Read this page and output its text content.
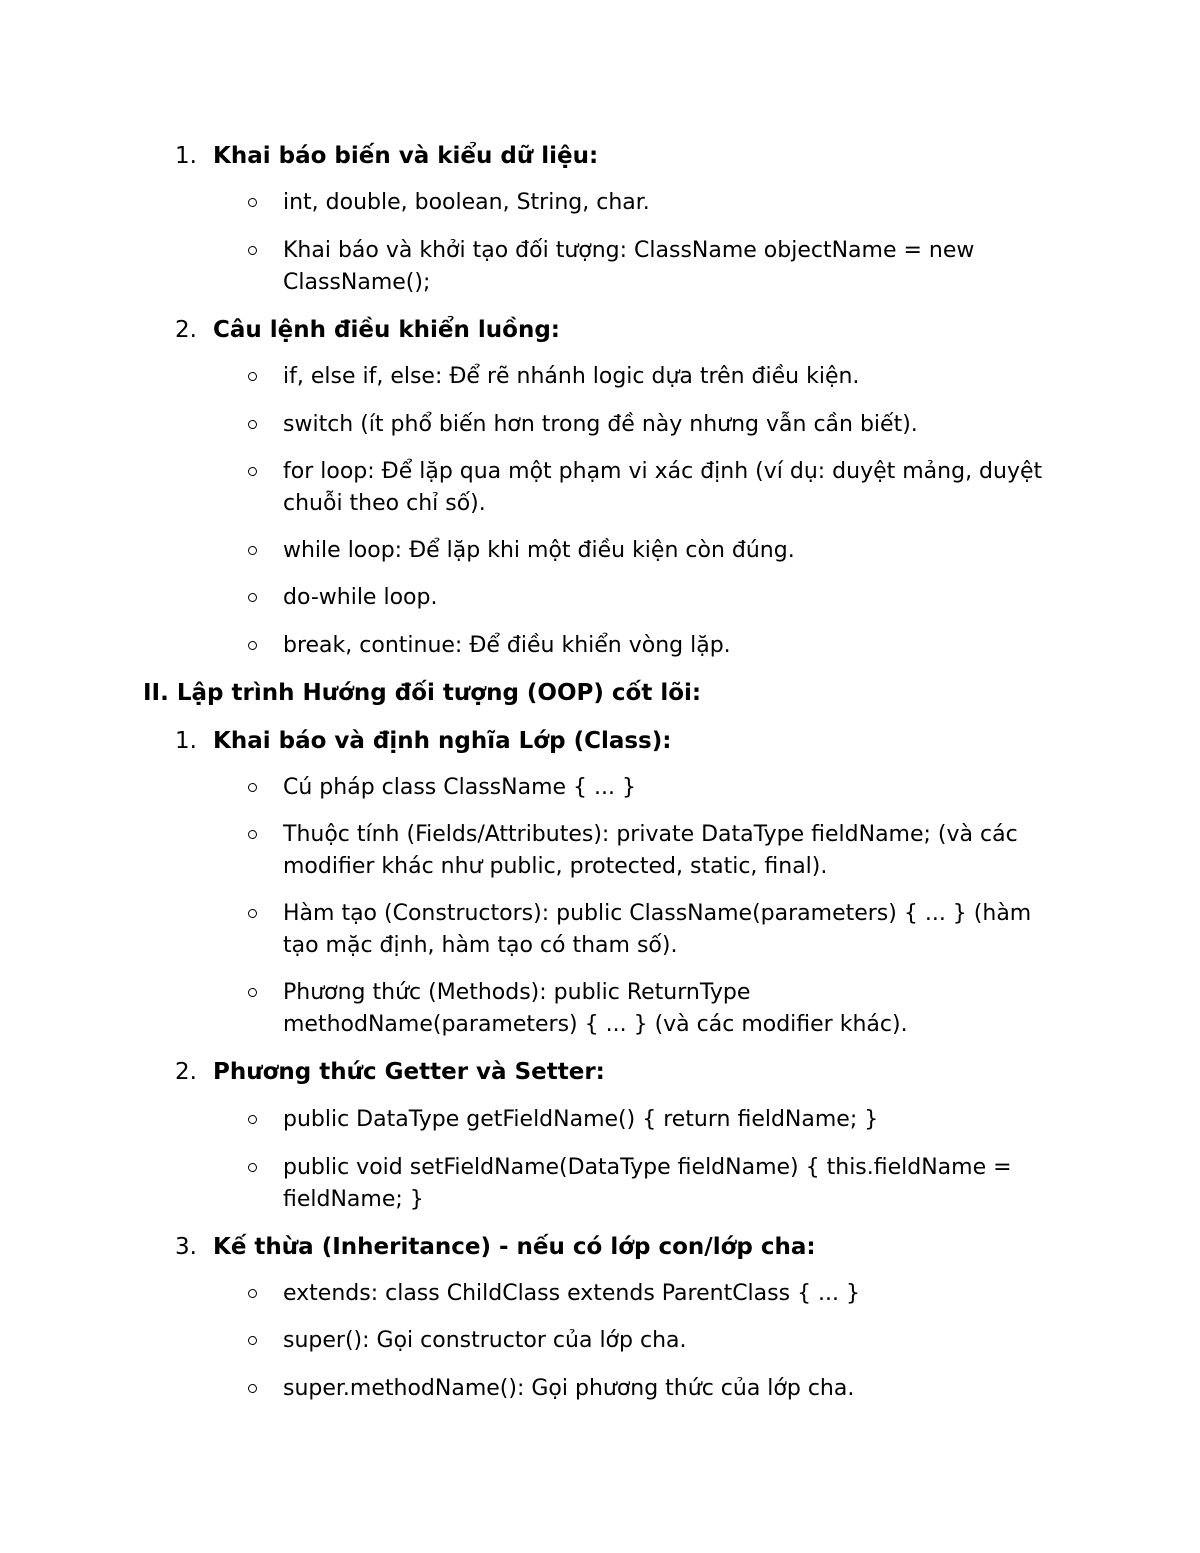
1. Khai báo biến và kiểu dữ liệu:
int, double, boolean, String, char.
Khai báo và khởi tạo đối tượng: ClassName objectName = new ClassName();
2. Câu lệnh điều khiển luồng:
if, else if, else: Để rẽ nhánh logic dựa trên điều kiện.
switch (ít phổ biến hơn trong đề này nhưng vẫn cần biết).
for loop: Để lặp qua một phạm vi xác định (ví dụ: duyệt mảng, duyệt chuỗi theo chỉ số).
while loop: Để lặp khi một điều kiện còn đúng.
do-while loop.
break, continue: Để điều khiển vòng lặp.
II. Lập trình Hướng đối tượng (OOP) cốt lõi:
1. Khai báo và định nghĩa Lớp (Class):
Cú pháp class ClassName { ... }
Thuộc tính (Fields/Attributes): private DataType fieldName; (và các modifier khác như public, protected, static, final).
Hàm tạo (Constructors): public ClassName(parameters) { ... } (hàm tạo mặc định, hàm tạo có tham số).
Phương thức (Methods): public ReturnType methodName(parameters) { ... } (và các modifier khác).
2. Phương thức Getter và Setter:
public DataType getFieldName() { return fieldName; }
public void setFieldName(DataType fieldName) { this.fieldName = fieldName; }
3. Kế thừa (Inheritance) - nếu có lớp con/lớp cha:
extends: class ChildClass extends ParentClass { ... }
super(): Gọi constructor của lớp cha.
super.methodName(): Gọi phương thức của lớp cha.
